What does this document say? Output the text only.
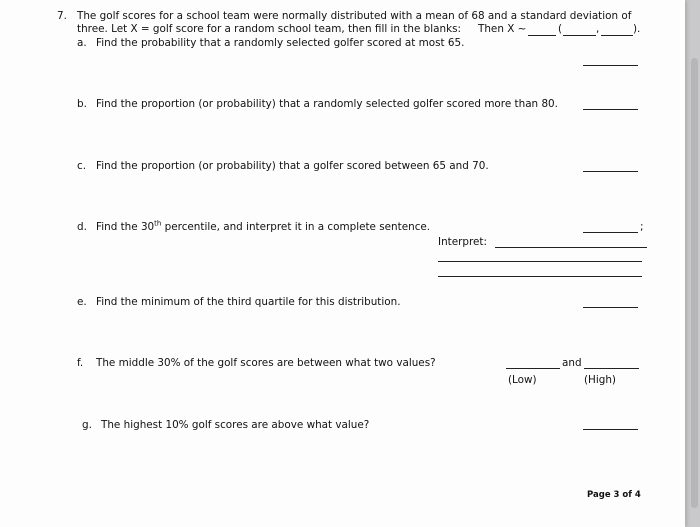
7. The golf scores for a school team were normally distributed with a mean of 68 and a standard deviation of
three. Let X = golf score for a random school team, then fill in the blanks: Then X ~	(	,	).
a. Find the probability that a randomly selected golfer scored at most 65.
b. Find the proportion (or probability) that a randomly selected golfer scored more than 80.
c. Find the proportion (or probability) that a golfer scored between 65 and 70.
d. Find the 30th percentile, and interpret it in a complete sentence.	;
Interpret:
e. Find the minimum of the third quartile for this distribution.
f. The middle 30% of the golf scores are between what two values?	and
(Low)	(High)
g. The highest 10% golf scores are above what value?
Page 3 of 4
